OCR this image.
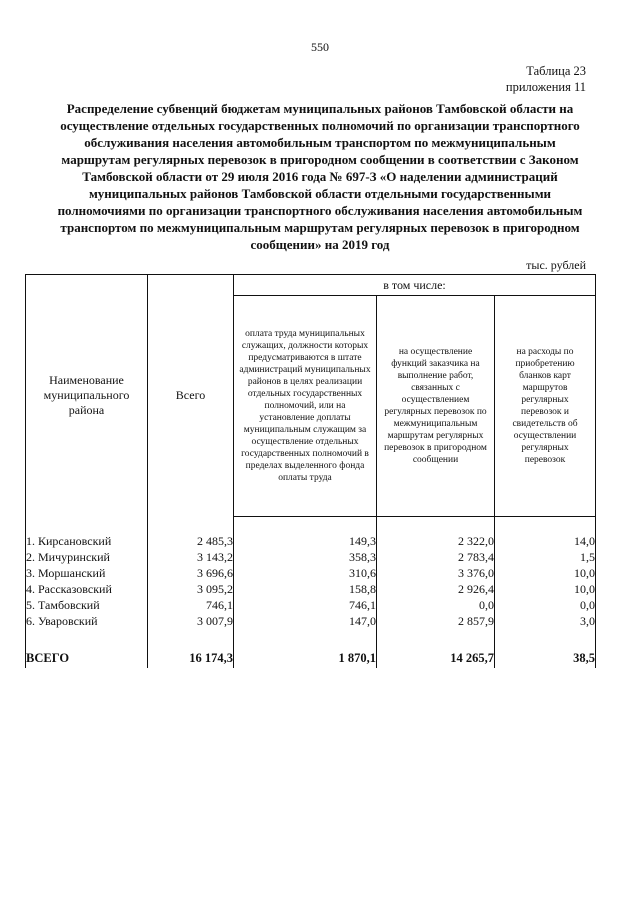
550
Таблица 23
приложения 11
Распределение субвенций бюджетам муниципальных районов Тамбовской области на осуществление отдельных государственных полномочий по организации транспортного обслуживания населения автомобильным транспортом по межмуниципальным маршрутам регулярных перевозок в пригородном сообщении в соответствии с Законом Тамбовской области от 29 июля 2016 года № 697-З «О наделении администраций муниципальных районов Тамбовской области отдельными государственными полномочиями по организации транспортного обслуживания населения автомобильным транспортом по межмуниципальным маршрутам регулярных перевозок в пригородном сообщении» на 2019 год
тыс. рублей
Наименование муниципального района	Всего	в том числе:		

		оплата труда муниципальных служащих, должности которых предусматриваются в штате администраций муниципальных районов в целях реализации отдельных государственных полномочий, или на установление доплаты муниципальным служащим за осуществление отдельных государственных полномочий в пределах выделенного фонда оплаты труда	на осуществление функций заказчика на выполнение работ, связанных с осуществлением регулярных перевозок по межмуниципальным маршрутам регулярных перевозок в пригородном сообщении	на расходы по приобретению бланков карт маршрутов регулярных перевозок и свидетельств об осуществлении регулярных перевозок

1. Кирсановский	2 485,3	149,3	2 322,0	14,0
2. Мичуринский	3 143,2	358,3	2 783,4	1,5
3. Моршанский	3 696,6	310,6	3 376,0	10,0
4. Рассказовский	3 095,2	158,8	2 926,4	10,0
5. Тамбовский	746,1	746,1	0,0	0,0
6. Уваровский	3 007,9	147,0	2 857,9	3,0

ВСЕГО	16 174,3	1 870,1	14 265,7	38,5
